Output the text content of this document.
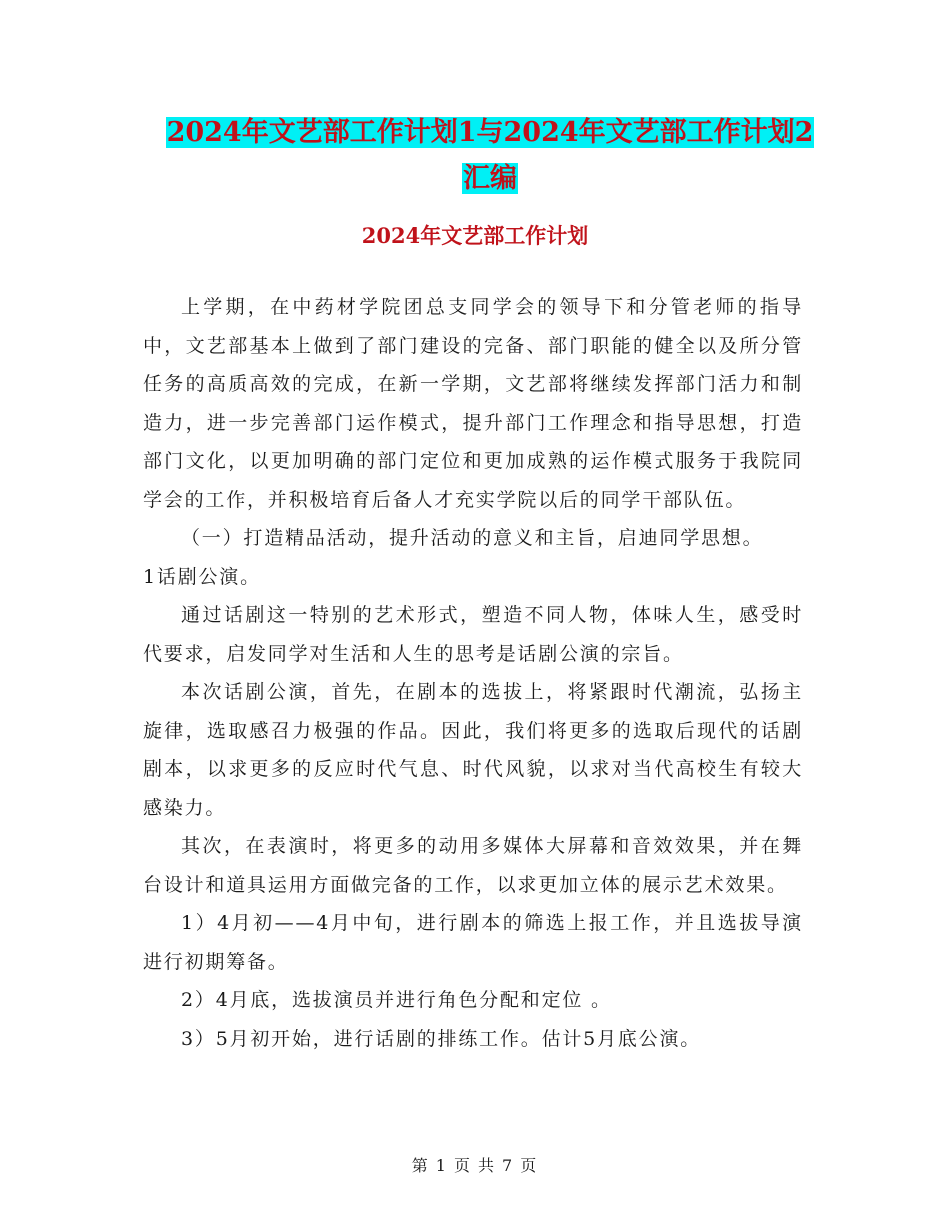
2024年文艺部工作计划1与2024年文艺部工作计划2
汇编
2024年文艺部工作计划

上学期，在中药材学院团总支同学会的领导下和分管老师的指导中，文艺部基本上做到了部门建设的完备、部门职能的健全以及所分管任务的高质高效的完成，在新一学期，文艺部将继续发挥部门活力和制造力，进一步完善部门运作模式，提升部门工作理念和指导思想，打造部门文化，以更加明确的部门定位和更加成熟的运作模式服务于我院同学会的工作，并积极培育后备人才充实学院以后的同学干部队伍。

（一）打造精品活动，提升活动的意义和主旨，启迪同学思想。

1话剧公演。

通过话剧这一特别的艺术形式，塑造不同人物，体味人生，感受时代要求，启发同学对生活和人生的思考是话剧公演的宗旨。

本次话剧公演，首先，在剧本的选拔上，将紧跟时代潮流，弘扬主旋律，选取感召力极强的作品。因此，我们将更多的选取后现代的话剧剧本，以求更多的反应时代气息、时代风貌，以求对当代高校生有较大感染力。

其次，在表演时，将更多的动用多媒体大屏幕和音效效果，并在舞台设计和道具运用方面做完备的工作，以求更加立体的展示艺术效果。

1）4月初——4月中旬，进行剧本的筛选上报工作，并且选拔导演进行初期筹备。

2）4月底，选拔演员并进行角色分配和定位 。

3）5月初开始，进行话剧的排练工作。估计5月底公演。

第 1 页 共 7 页
